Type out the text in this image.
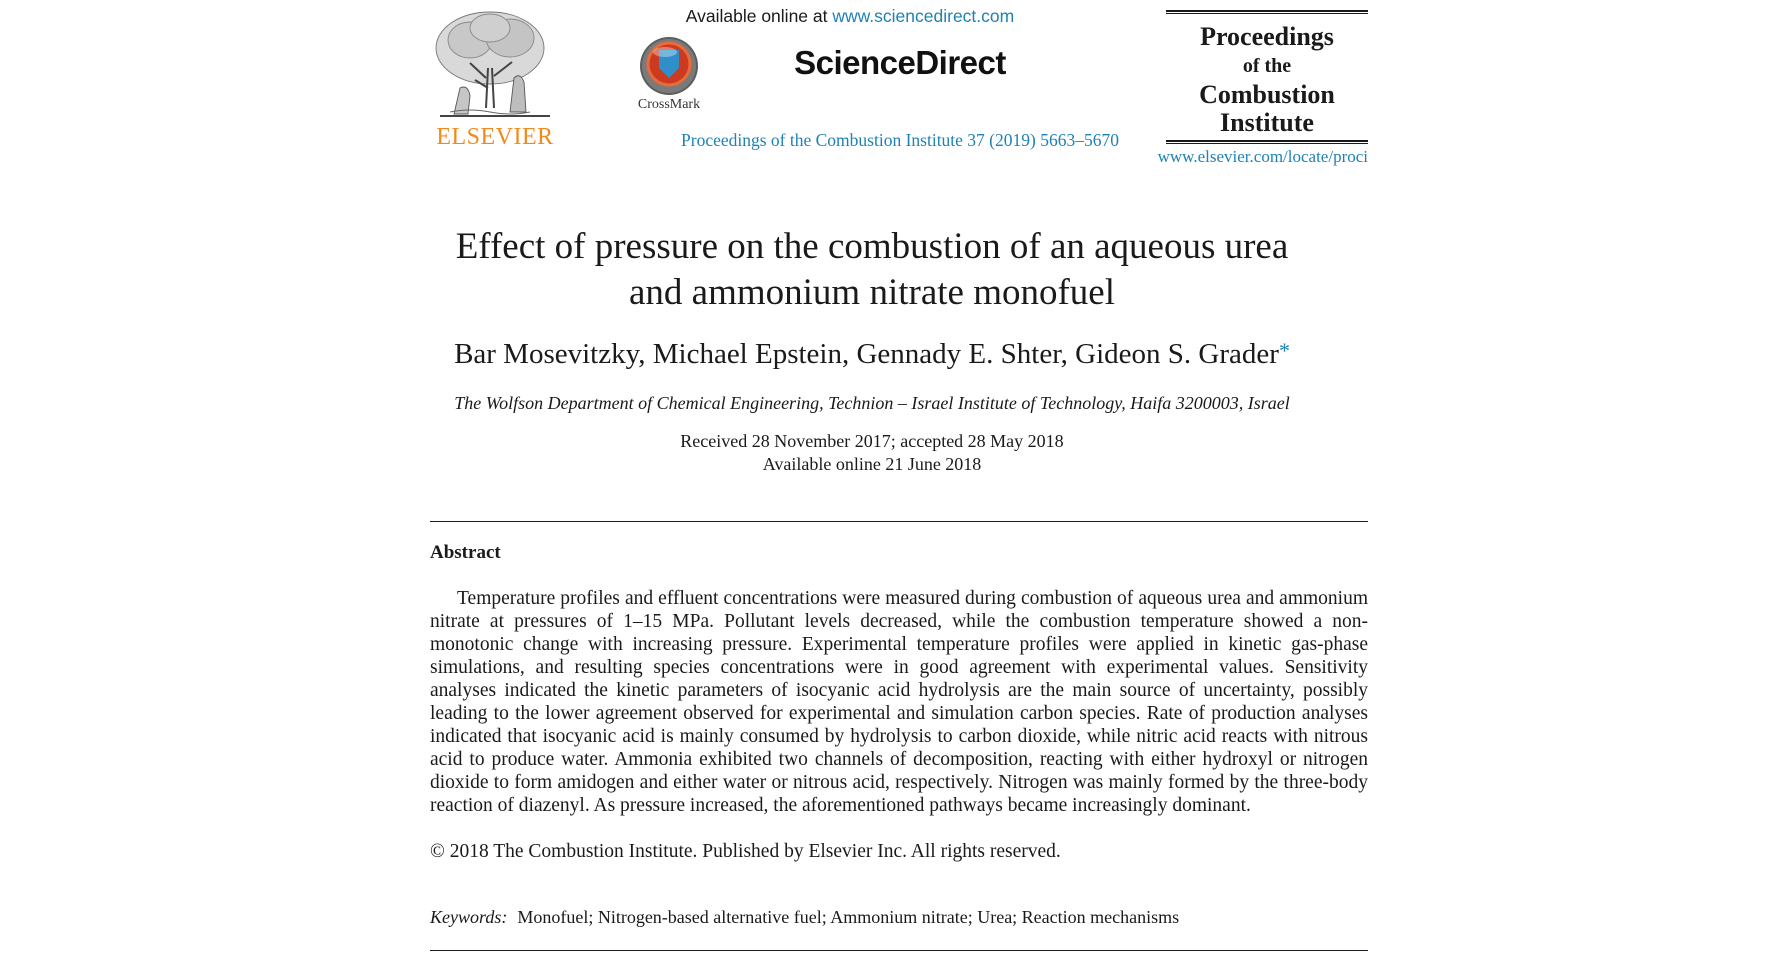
ELSEVIER
Available online at www.sciencedirect.com
CrossMark
ScienceDirect
Proceedings of the Combustion Institute 37 (2019) 5663–5670
Proceedings
of the
Combustion
Institute
www.elsevier.com/locate/proci
Effect of pressure on the combustion of an aqueous urea
and ammonium nitrate monofuel
Bar Mosevitzky, Michael Epstein, Gennady E. Shter, Gideon S. Grader*
The Wolfson Department of Chemical Engineering, Technion – Israel Institute of Technology, Haifa 3200003, Israel
Received 28 November 2017; accepted 28 May 2018
Available online 21 June 2018
Abstract
Temperature profiles and effluent concentrations were measured during combustion of aqueous urea and ammonium nitrate at pressures of 1–15 MPa. Pollutant levels decreased, while the combustion temperature showed a non-monotonic change with increasing pressure. Experimental temperature profiles were applied in kinetic gas-phase simulations, and resulting species concentrations were in good agreement with experimental values. Sensitivity analyses indicated the kinetic parameters of isocyanic acid hydrolysis are the main source of uncertainty, possibly leading to the lower agreement observed for experimental and simulation carbon species. Rate of production analyses indicated that isocyanic acid is mainly consumed by hydrolysis to carbon dioxide, while nitric acid reacts with nitrous acid to produce water. Ammonia exhibited two channels of decomposition, reacting with either hydroxyl or nitrogen dioxide to form amidogen and either water or nitrous acid, respectively. Nitrogen was mainly formed by the three-body reaction of diazenyl. As pressure increased, the aforementioned pathways became increasingly dominant.
© 2018 The Combustion Institute. Published by Elsevier Inc. All rights reserved.
Keywords: Monofuel; Nitrogen-based alternative fuel; Ammonium nitrate; Urea; Reaction mechanisms
